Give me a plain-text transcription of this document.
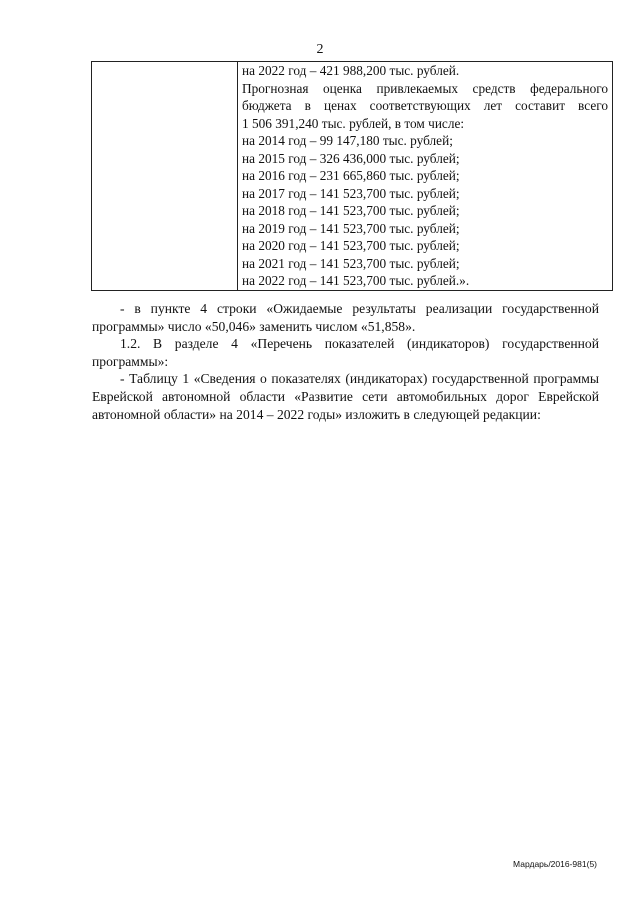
2

на 2022 год – 421 988,200 тыс. рублей.
Прогнозная оценка привлекаемых средств федерального
бюджета в ценах соответствующих лет составит всего
1 506 391,240 тыс. рублей, в том числе:
на 2014 год – 99 147,180 тыс. рублей;
на 2015 год – 326 436,000 тыс. рублей;
на 2016 год – 231 665,860 тыс. рублей;
на 2017 год – 141 523,700 тыс. рублей;
на 2018 год – 141 523,700 тыс. рублей;
на 2019 год – 141 523,700 тыс. рублей;
на 2020 год – 141 523,700 тыс. рублей;
на 2021 год – 141 523,700 тыс. рублей;
на 2022 год – 141 523,700 тыс. рублей.».

- в пункте 4 строки «Ожидаемые результаты реализации государственной программы» число «50,046» заменить числом «51,858».

1.2. В разделе 4 «Перечень показателей (индикаторов) государственной программы»:

- Таблицу 1 «Сведения о показателях (индикаторах) государственной программы Еврейской автономной области «Развитие сети автомобильных дорог Еврейской автономной области» на 2014 – 2022 годы» изложить в следующей редакции:

Мардарь/2016-981(5)
